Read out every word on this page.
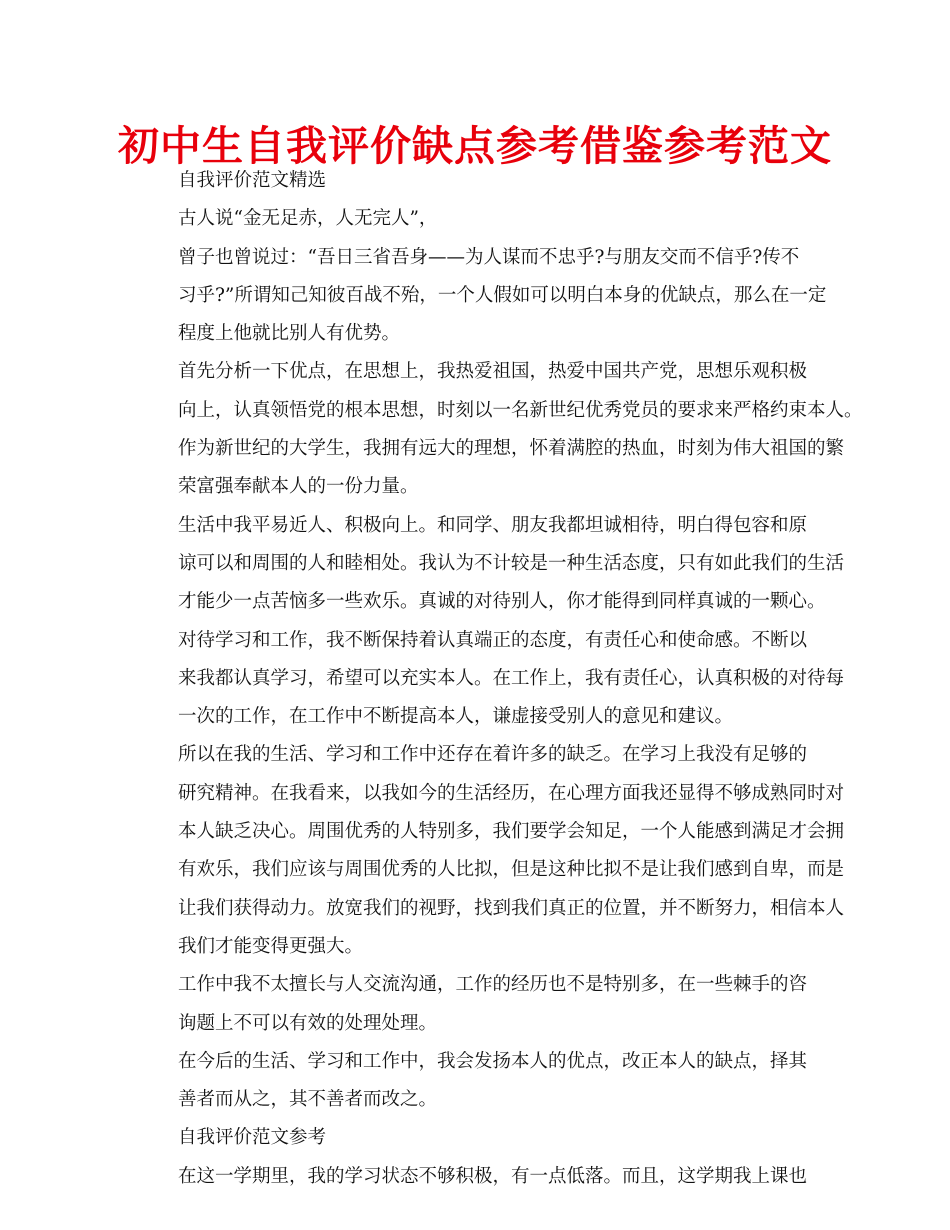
初中生自我评价缺点参考借鉴参考范文
自我评价范文精选
古人说“金无足赤，人无完人”，
曾子也曾说过：“吾日三省吾身——为人谋而不忠乎?与朋友交而不信乎?传不
习乎?”所谓知己知彼百战不殆，一个人假如可以明白本身的优缺点，那么在一定
程度上他就比别人有优势。
首先分析一下优点，在思想上，我热爱祖国，热爱中国共产党，思想乐观积极
向上，认真领悟党的根本思想，时刻以一名新世纪优秀党员的要求来严格约束本人。
作为新世纪的大学生，我拥有远大的理想，怀着满腔的热血，时刻为伟大祖国的繁
荣富强奉献本人的一份力量。
生活中我平易近人、积极向上。和同学、朋友我都坦诚相待，明白得包容和原
谅可以和周围的人和睦相处。我认为不计较是一种生活态度，只有如此我们的生活
才能少一点苦恼多一些欢乐。真诚的对待别人，你才能得到同样真诚的一颗心。
对待学习和工作，我不断保持着认真端正的态度，有责任心和使命感。不断以
来我都认真学习，希望可以充实本人。在工作上，我有责任心，认真积极的对待每
一次的工作，在工作中不断提高本人，谦虚接受别人的意见和建议。
所以在我的生活、学习和工作中还存在着许多的缺乏。在学习上我没有足够的
研究精神。在我看来，以我如今的生活经历，在心理方面我还显得不够成熟同时对
本人缺乏决心。周围优秀的人特别多，我们要学会知足，一个人能感到满足才会拥
有欢乐，我们应该与周围优秀的人比拟，但是这种比拟不是让我们感到自卑，而是
让我们获得动力。放宽我们的视野，找到我们真正的位置，并不断努力，相信本人
我们才能变得更强大。
工作中我不太擅长与人交流沟通，工作的经历也不是特别多，在一些棘手的咨
询题上不可以有效的处理处理。
在今后的生活、学习和工作中，我会发扬本人的优点，改正本人的缺点，择其
善者而从之，其不善者而改之。
自我评价范文参考
在这一学期里，我的学习状态不够积极，有一点低落。而且，这学期我上课也
